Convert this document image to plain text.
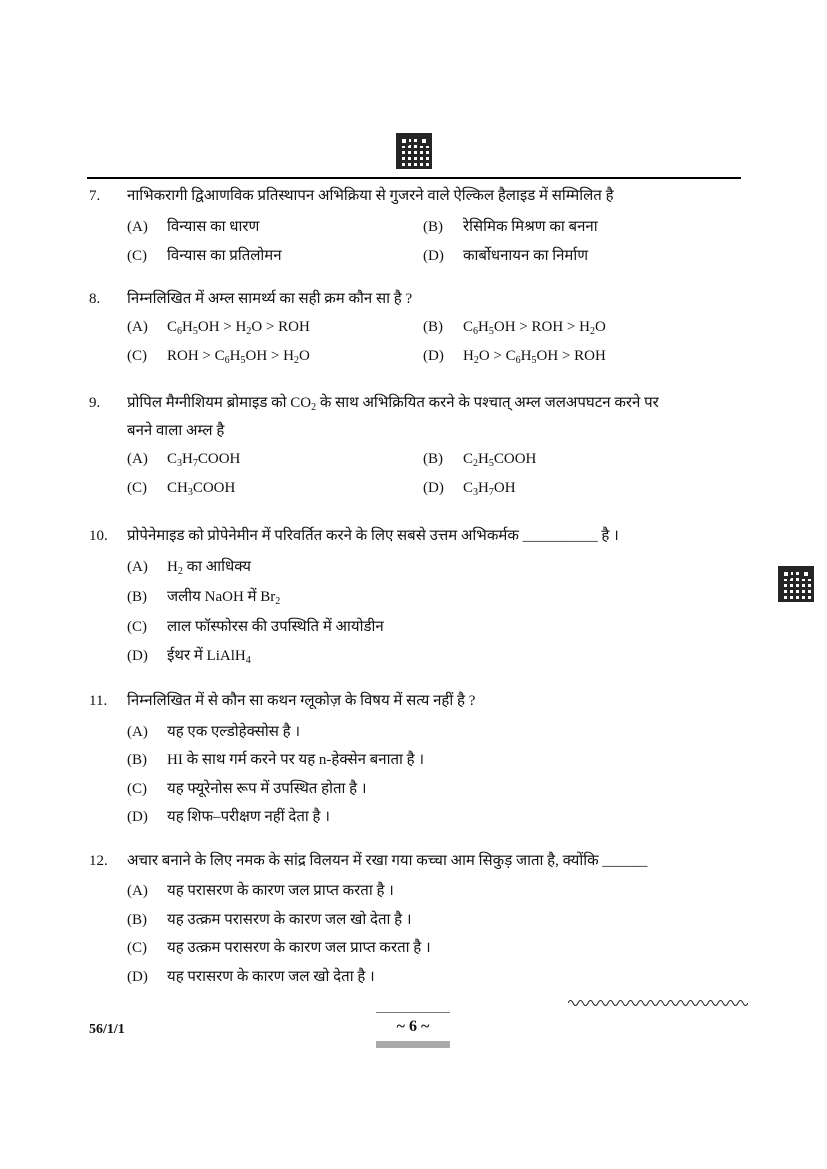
7. नाभिकरागी द्विआणविक प्रतिस्थापन अभिक्रिया से गुजरने वाले ऐल्किल हैलाइड में सम्मिलित है
(A) विन्यास का धारण	(B) रेसिमिक मिश्रण का बनना
(C) विन्यास का प्रतिलोमन	(D) कार्बोधनायन का निर्माण
8. निम्नलिखित में अम्ल सामर्थ्य का सही क्रम कौन सा है ?
(A) $C_6H_5OH > H_2O$ > ROH	(B) $C_6H_5OH$ > ROH > $H_2O$
(C) ROH > $C_6H_5OH > H_2O$	(D) $H_2O > C_6H_5OH$ > ROH
9. प्रोपिल मैग्नीशियम ब्रोमाइड को $CO_2$ के साथ अभिक्रियित करने के पश्चात् अम्ल जलअपघटन करने पर
बनने वाला अम्ल है
(A) $C_3H_7COOH$	(B) $C_2H_5COOH$
(C) $CH_3COOH$	(D) $C_3H_7OH$
10. प्रोपेनेमाइड को प्रोपेनेमीन में परिवर्तित करने के लिए सबसे उत्तम अभिकर्मक __________ है ।
(A) $H_2$ का आधिक्य
(B) जलीय NaOH में $Br_2$
(C) लाल फॉस्फोरस की उपस्थिति में आयोडीन
(D) ईथर में LiAlH$_4$
11. निम्नलिखित में से कौन सा कथन ग्लूकोज़ के विषय में सत्य नहीं है ?
(A) यह एक एल्डोहेक्सोस है ।
(B) HI के साथ गर्म करने पर यह n-हेक्सेन बनाता है ।
(C) यह फ्यूरेनोस रूप में उपस्थित होता है ।
(D) यह शिफ–परीक्षण नहीं देता है ।
12. अचार बनाने के लिए नमक के सांद्र विलयन में रखा गया कच्चा आम सिकुड़ जाता है, क्योंकि ______
(A) यह परासरण के कारण जल प्राप्त करता है ।
(B) यह उत्क्रम परासरण के कारण जल खो देता है ।
(C) यह उत्क्रम परासरण के कारण जल प्राप्त करता है ।
(D) यह परासरण के कारण जल खो देता है ।
56/1/1	~ 6 ~
